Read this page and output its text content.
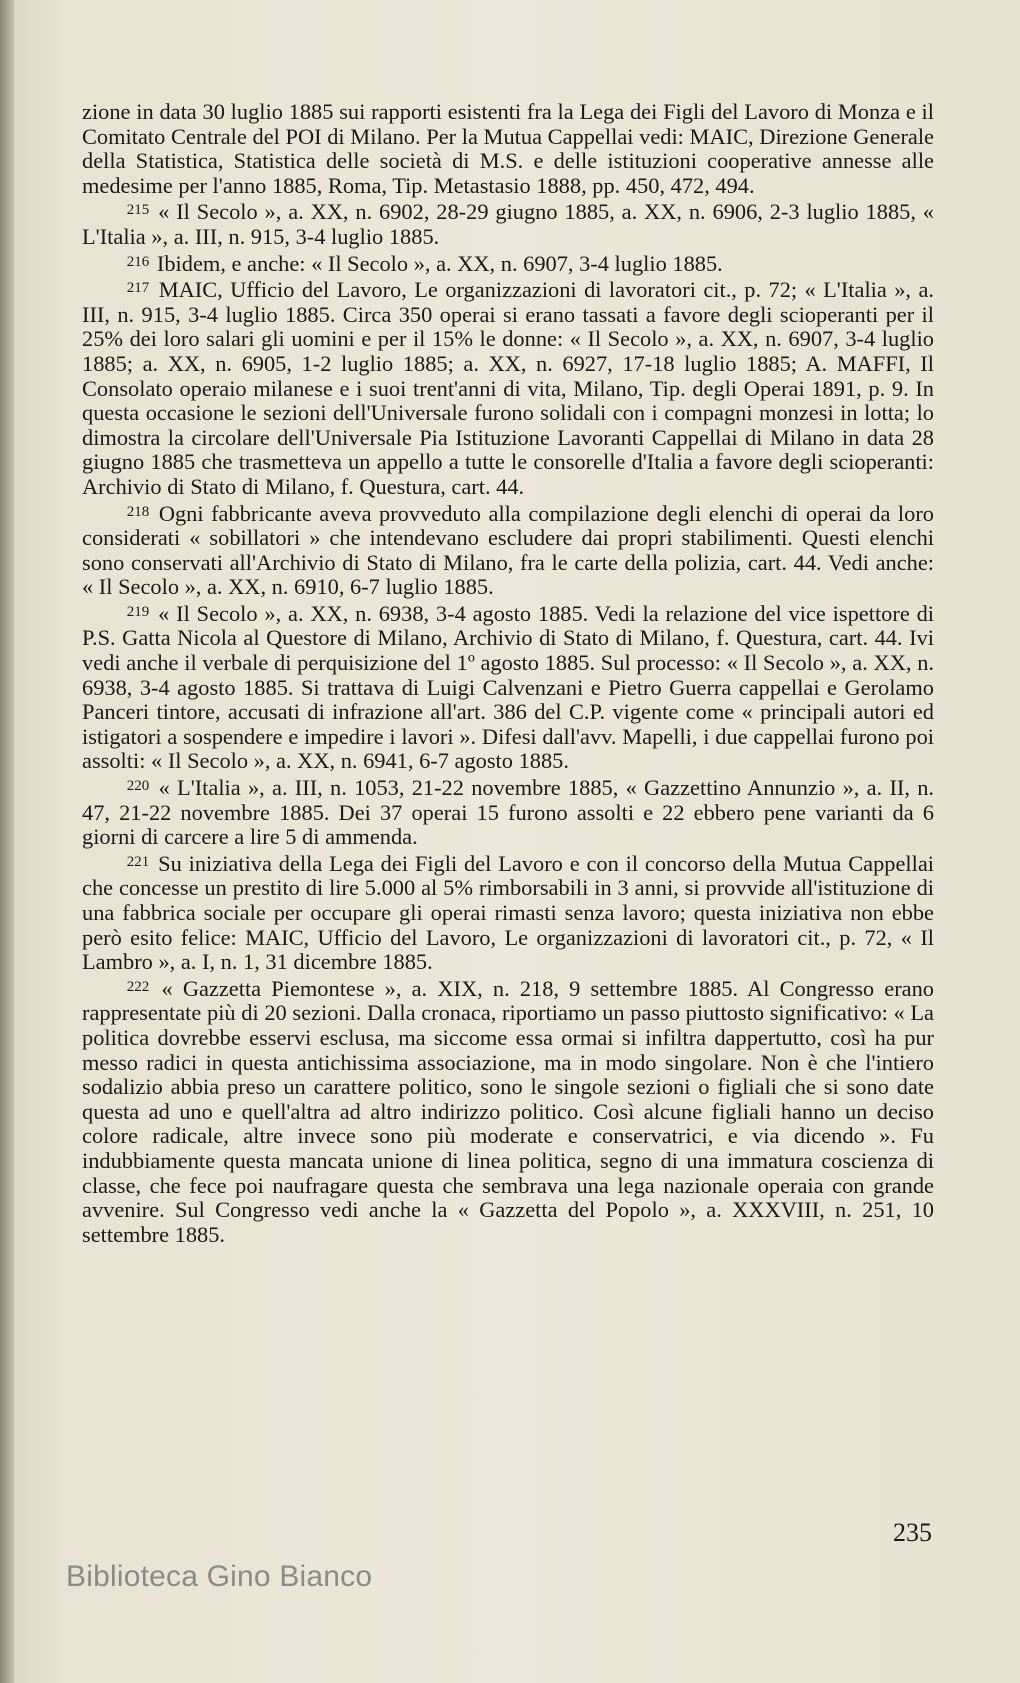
zione in data 30 luglio 1885 sui rapporti esistenti fra la Lega dei Figli del Lavoro di Monza e il Comitato Centrale del POI di Milano. Per la Mutua Cappellai vedi: MAIC, Direzione Generale della Statistica, Statistica delle società di M.S. e delle istituzioni cooperative annesse alle medesime per l'anno 1885, Roma, Tip. Metastasio 1888, pp. 450, 472, 494.

$^{215}$ « Il Secolo », a. XX, n. 6902, 28-29 giugno 1885, a. XX, n. 6906, 2-3 luglio 1885, « L'Italia », a. III, n. 915, 3-4 luglio 1885.

$^{216}$ Ibidem, e anche: « Il Secolo », a. XX, n. 6907, 3-4 luglio 1885.

$^{217}$ MAIC, Ufficio del Lavoro, Le organizzazioni di lavoratori cit., p. 72; « L'Italia », a. III, n. 915, 3-4 luglio 1885. Circa 350 operai si erano tassati a favore degli scioperanti per il 25% dei loro salari gli uomini e per il 15% le donne: « Il Secolo », a. XX, n. 6907, 3-4 luglio 1885; a. XX, n. 6905, 1-2 luglio 1885; a. XX, n. 6927, 17-18 luglio 1885; A. MAFFI, Il Consolato operaio milanese e i suoi trent'anni di vita, Milano, Tip. degli Operai 1891, p. 9. In questa occasione le sezioni dell'Universale furono solidali con i compagni monzesi in lotta; lo dimostra la circolare dell'Universale Pia Istituzione Lavoranti Cappellai di Milano in data 28 giugno 1885 che trasmetteva un appello a tutte le consorelle d'Italia a favore degli scioperanti: Archivio di Stato di Milano, f. Questura, cart. 44.

$^{218}$ Ogni fabbricante aveva provveduto alla compilazione degli elenchi di operai da loro considerati « sobillatori » che intendevano escludere dai propri stabilimenti. Questi elenchi sono conservati all'Archivio di Stato di Milano, fra le carte della polizia, cart. 44. Vedi anche: « Il Secolo », a. XX, n. 6910, 6-7 luglio 1885.

$^{219}$ « Il Secolo », a. XX, n. 6938, 3-4 agosto 1885. Vedi la relazione del vice ispettore di P.S. Gatta Nicola al Questore di Milano, Archivio di Stato di Milano, f. Questura, cart. 44. Ivi vedi anche il verbale di perquisizione del 1º agosto 1885. Sul processo: « Il Secolo », a. XX, n. 6938, 3-4 agosto 1885. Si trattava di Luigi Calvenzani e Pietro Guerra cappellai e Gerolamo Panceri tintore, accusati di infrazione all'art. 386 del C.P. vigente come « principali autori ed istigatori a sospendere e impedire i lavori ». Difesi dall'avv. Mapelli, i due cappellai furono poi assolti: « Il Secolo », a. XX, n. 6941, 6-7 agosto 1885.

$^{220}$ « L'Italia », a. III, n. 1053, 21-22 novembre 1885, « Gazzettino Annunzio », a. II, n. 47, 21-22 novembre 1885. Dei 37 operai 15 furono assolti e 22 ebbero pene varianti da 6 giorni di carcere a lire 5 di ammenda.

$^{221}$ Su iniziativa della Lega dei Figli del Lavoro e con il concorso della Mutua Cappellai che concesse un prestito di lire 5.000 al 5% rimborsabili in 3 anni, si provvide all'istituzione di una fabbrica sociale per occupare gli operai rimasti senza lavoro; questa iniziativa non ebbe però esito felice: MAIC, Ufficio del Lavoro, Le organizzazioni di lavoratori cit., p. 72, « Il Lambro », a. I, n. 1, 31 dicembre 1885.

$^{222}$ « Gazzetta Piemontese », a. XIX, n. 218, 9 settembre 1885. Al Congresso erano rappresentate più di 20 sezioni. Dalla cronaca, riportiamo un passo piuttosto significativo: « La politica dovrebbe esservi esclusa, ma siccome essa ormai si infiltra dappertutto, così ha pur messo radici in questa antichissima associazione, ma in modo singolare. Non è che l'intiero sodalizio abbia preso un carattere politico, sono le singole sezioni o figliali che si sono date questa ad uno e quell'altra ad altro indirizzo politico. Così alcune figliali hanno un deciso colore radicale, altre invece sono più moderate e conservatrici, e via dicendo ». Fu indubbiamente questa mancata unione di linea politica, segno di una immatura coscienza di classe, che fece poi naufragare questa che sembrava una lega nazionale operaia con grande avvenire. Sul Congresso vedi anche la « Gazzetta del Popolo », a. XXXVIII, n. 251, 10 settembre 1885.

235
Biblioteca Gino Bianco
